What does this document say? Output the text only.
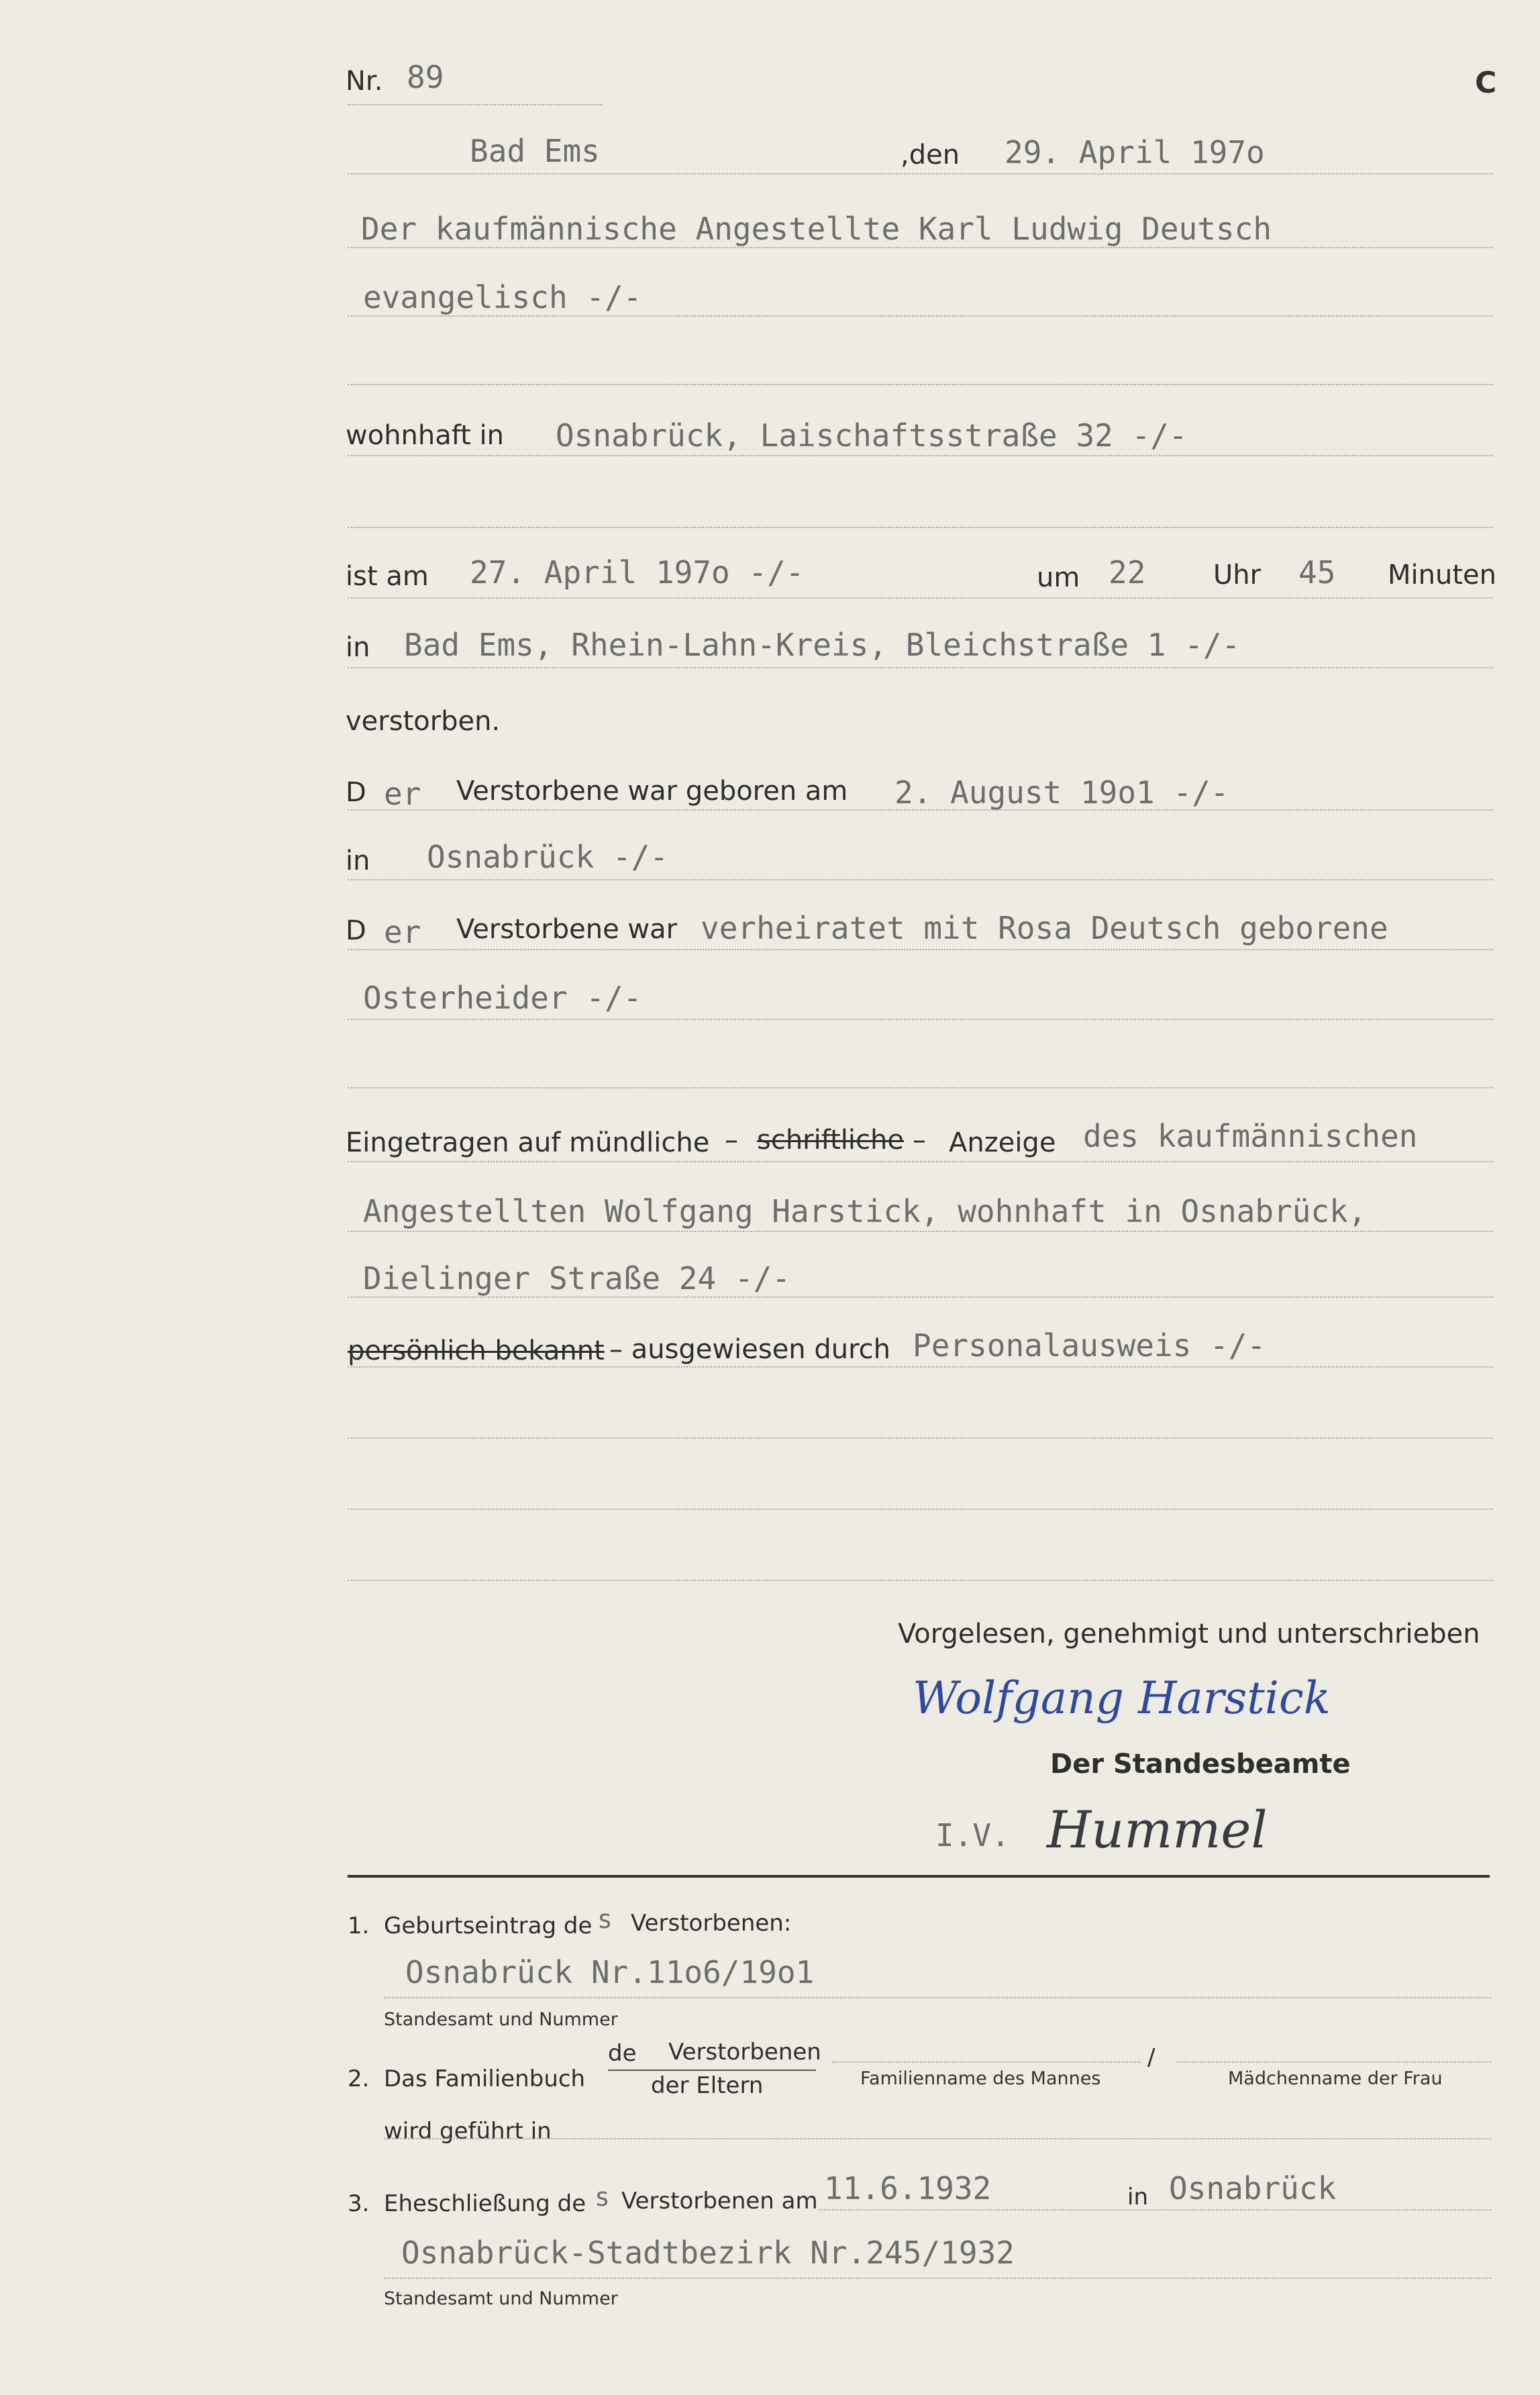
Nr. 89	C
Bad Ems	,den 29. April 197o
Der kaufmännische Angestellte Karl Ludwig Deutsch
evangelisch -/-
wohnhaft in Osnabrück, Laischaftsstraße 32 -/-
ist am 27. April 197o -/-	um 22	Uhr 45 Minuten
in Bad Ems, Rhein-Lahn-Kreis, Bleichstraße 1 -/-
verstorben.
D er Verstorbene war geboren am 2. August 19o1 -/-
in Osnabrück -/-
D er Verstorbene war verheiratet mit Rosa Deutsch geborene
Osterheider -/-
Eingetragen auf mündliche – schriftliche – Anzeige des kaufmännischen
Angestellten Wolfgang Harstick, wohnhaft in Osnabrück,
Dielinger Straße 24 -/-
persönlich bekannt – ausgewiesen durch Personalausweis -/-
Vorgelesen, genehmigt und unterschrieben
Wolfgang Harstick
Der Standesbeamte
I.V. Hummel
1. Geburtseintrag de s Verstorbenen:
Osnabrück Nr.11o6/19o1
Standesamt und Nummer
de Verstorbenen
2. Das Familienbuch	der Eltern	Familienname des Mannes
/
Mädchenname der Frau
wird geführt in
3. Eheschließung de s Verstorbenen am 11.6.1932	in Osnabrück
Osnabrück-Stadtbezirk Nr.245/1932
Standesamt und Nummer
